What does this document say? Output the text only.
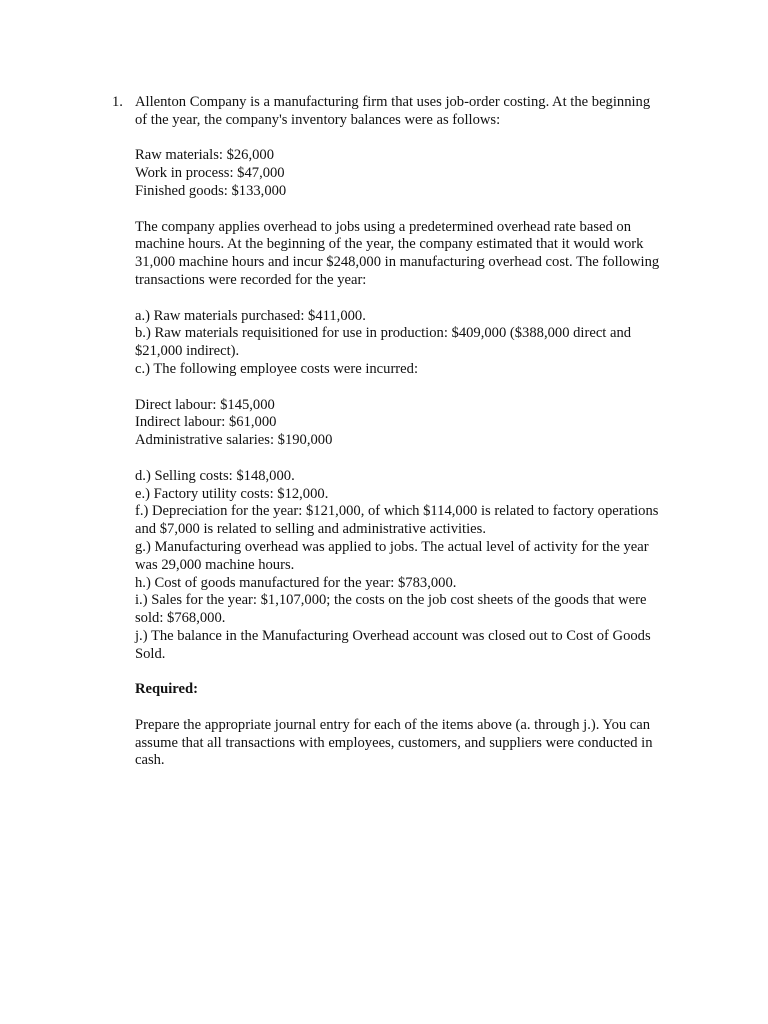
1. Allenton Company is a manufacturing firm that uses job-order costing. At the beginning
of the year, the company's inventory balances were as follows:
Raw materials: $26,000
Work in process: $47,000
Finished goods: $133,000
The company applies overhead to jobs using a predetermined overhead rate based on
machine hours. At the beginning of the year, the company estimated that it would work
31,000 machine hours and incur $248,000 in manufacturing overhead cost. The following
transactions were recorded for the year:
a.) Raw materials purchased: $411,000.
b.) Raw materials requisitioned for use in production: $409,000 ($388,000 direct and
$21,000 indirect).
c.) The following employee costs were incurred:
Direct labour: $145,000
Indirect labour: $61,000
Administrative salaries: $190,000
d.) Selling costs: $148,000.
e.) Factory utility costs: $12,000.
f.) Depreciation for the year: $121,000, of which $114,000 is related to factory operations
and $7,000 is related to selling and administrative activities.
g.) Manufacturing overhead was applied to jobs. The actual level of activity for the year
was 29,000 machine hours.
h.) Cost of goods manufactured for the year: $783,000.
i.) Sales for the year: $1,107,000; the costs on the job cost sheets of the goods that were
sold: $768,000.
j.) The balance in the Manufacturing Overhead account was closed out to Cost of Goods
Sold.
Required:
Prepare the appropriate journal entry for each of the items above (a. through j.). You can
assume that all transactions with employees, customers, and suppliers were conducted in
cash.
